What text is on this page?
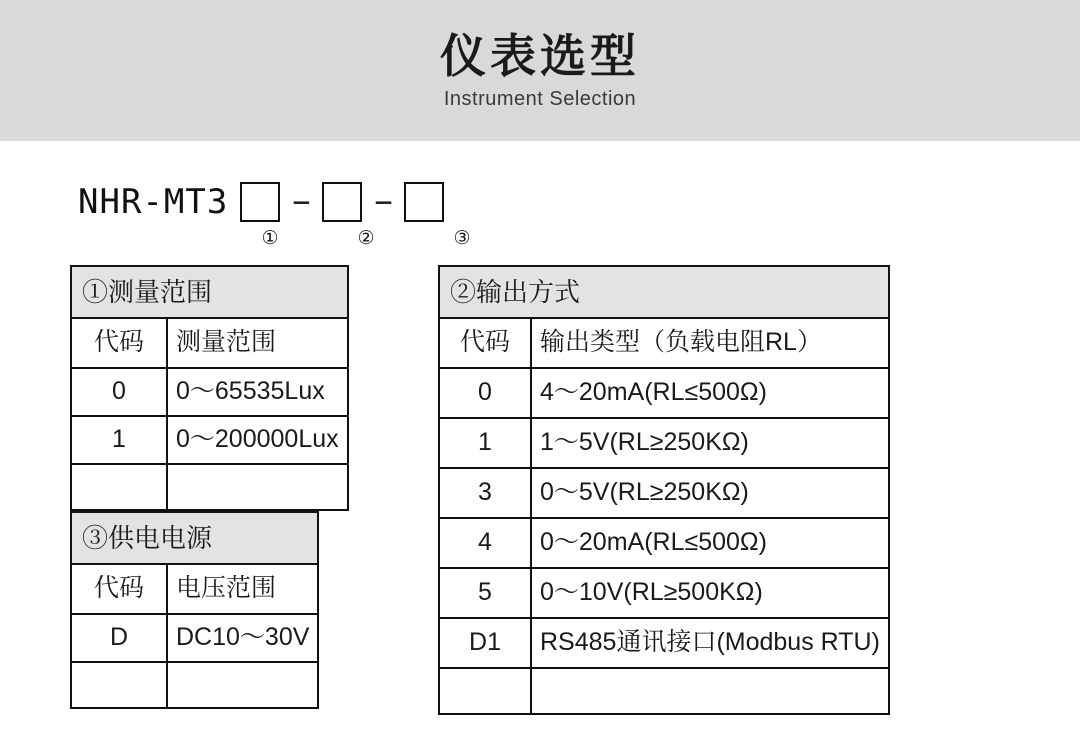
仪表选型
Instrument Selection
NHR-MT3 − −
①	②	③
①测量范围	
代码	测量范围
0	0～65535Lux
1	0～200000Lux

③供电电源	
代码	电压范围
D	DC10～30V

②输出方式	
代码	输出类型（负载电阻RL）
0	4～20mA(RL≤500Ω)
1	1～5V(RL≥250KΩ)
3	0～5V(RL≥250KΩ)
4	0～20mA(RL≤500Ω)
5	0～10V(RL≥500KΩ)
D1	RS485通讯接口(Modbus RTU)
